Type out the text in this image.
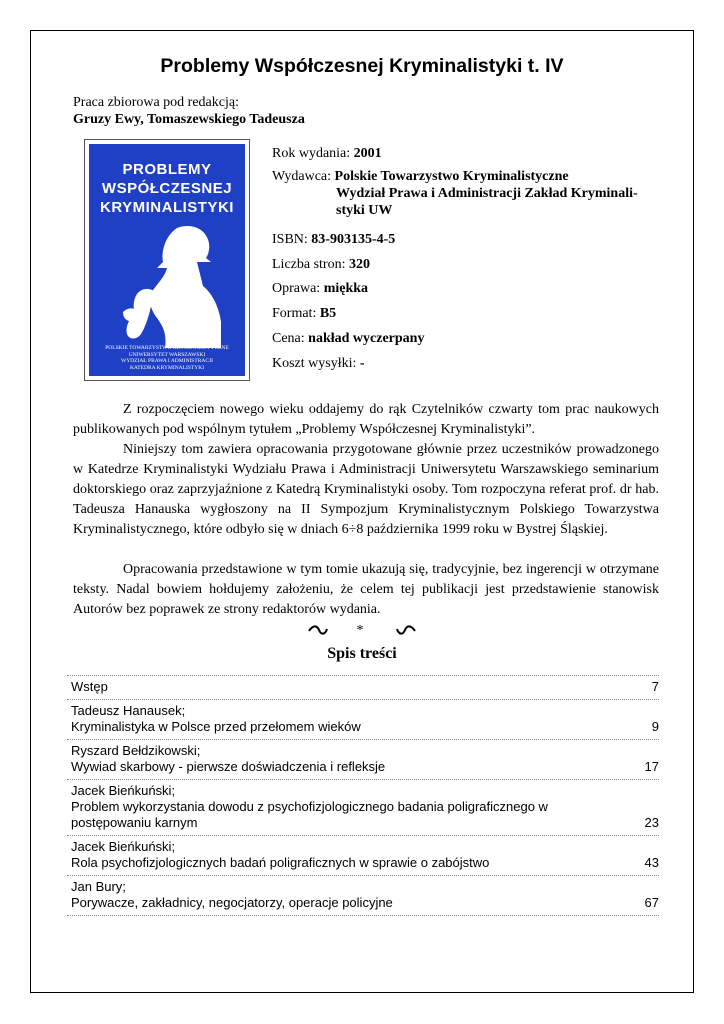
Problemy Współczesnej Kryminalistyki t. IV
Praca zbiorowa pod redakcją:
Gruzy Ewy, Tomaszewskiego Tadeusza
PROBLEMY
WSPÓŁCZESNEJ
KRYMINALISTYKI
POLSKIE TOWARZYSTWO KRYMINALISTYCZNE
UNIWERSYTET WARSZAWSKI
WYDZIAŁ PRAWA I ADMINISTRACJI
KATEDRA KRYMINALISTYKI
Rok wydania: 2001
Wydawca: Polskie Towarzystwo Kryminalistyczne
Wydział Prawa i Administracji Zakład Kryminali-
styki UW
ISBN: 83-903135-4-5
Liczba stron: 320
Oprawa: miękka
Format: B5
Cena: nakład wyczerpany
Koszt wysyłki: -
Z rozpoczęciem nowego wieku oddajemy do rąk Czytelników czwarty tom prac naukowych publikowanych pod wspólnym tytułem „Problemy Współczesnej Kryminalistyki”.
Niniejszy tom zawiera opracowania przygotowane głównie przez uczestników prowadzonego w Katedrze Kryminalistyki Wydziału Prawa i Administracji Uniwersytetu Warszawskiego seminarium doktorskiego oraz zaprzyjaźnione z Katedrą Kryminalistyki osoby. Tom rozpoczyna referat prof. dr hab. Tadeusza Hanauska wygłoszony na II Sympozjum Kryminalistycznym Polskiego Towarzystwa Kryminalistycznego, które odbyło się w dniach 6÷8 października 1999 roku w Bystrej Śląskiej.
Opracowania przedstawione w tym tomie ukazują się, tradycyjnie, bez ingerencji w otrzymane teksty. Nadal bowiem hołdujemy założeniu, że celem tej publikacji jest przedstawienie stanowisk Autorów bez poprawek ze strony redaktorów wydania.
*
Spis treści
Wstęp	7
Tadeusz Hanausek;
Kryminalistyka w Polsce przed przełomem wieków	9
Ryszard Bełdzikowski;
Wywiad skarbowy - pierwsze doświadczenia i refleksje	17
Jacek Bieńkuński;
Problem wykorzystania dowodu z psychofizjologicznego badania poligraficznego w postępowaniu karnym	23
Jacek Bieńkuński;
Rola psychofizjologicznych badań poligraficznych w sprawie o zabójstwo	43
Jan Bury;
Porywacze, zakładnicy, negocjatorzy, operacje policyjne	67
